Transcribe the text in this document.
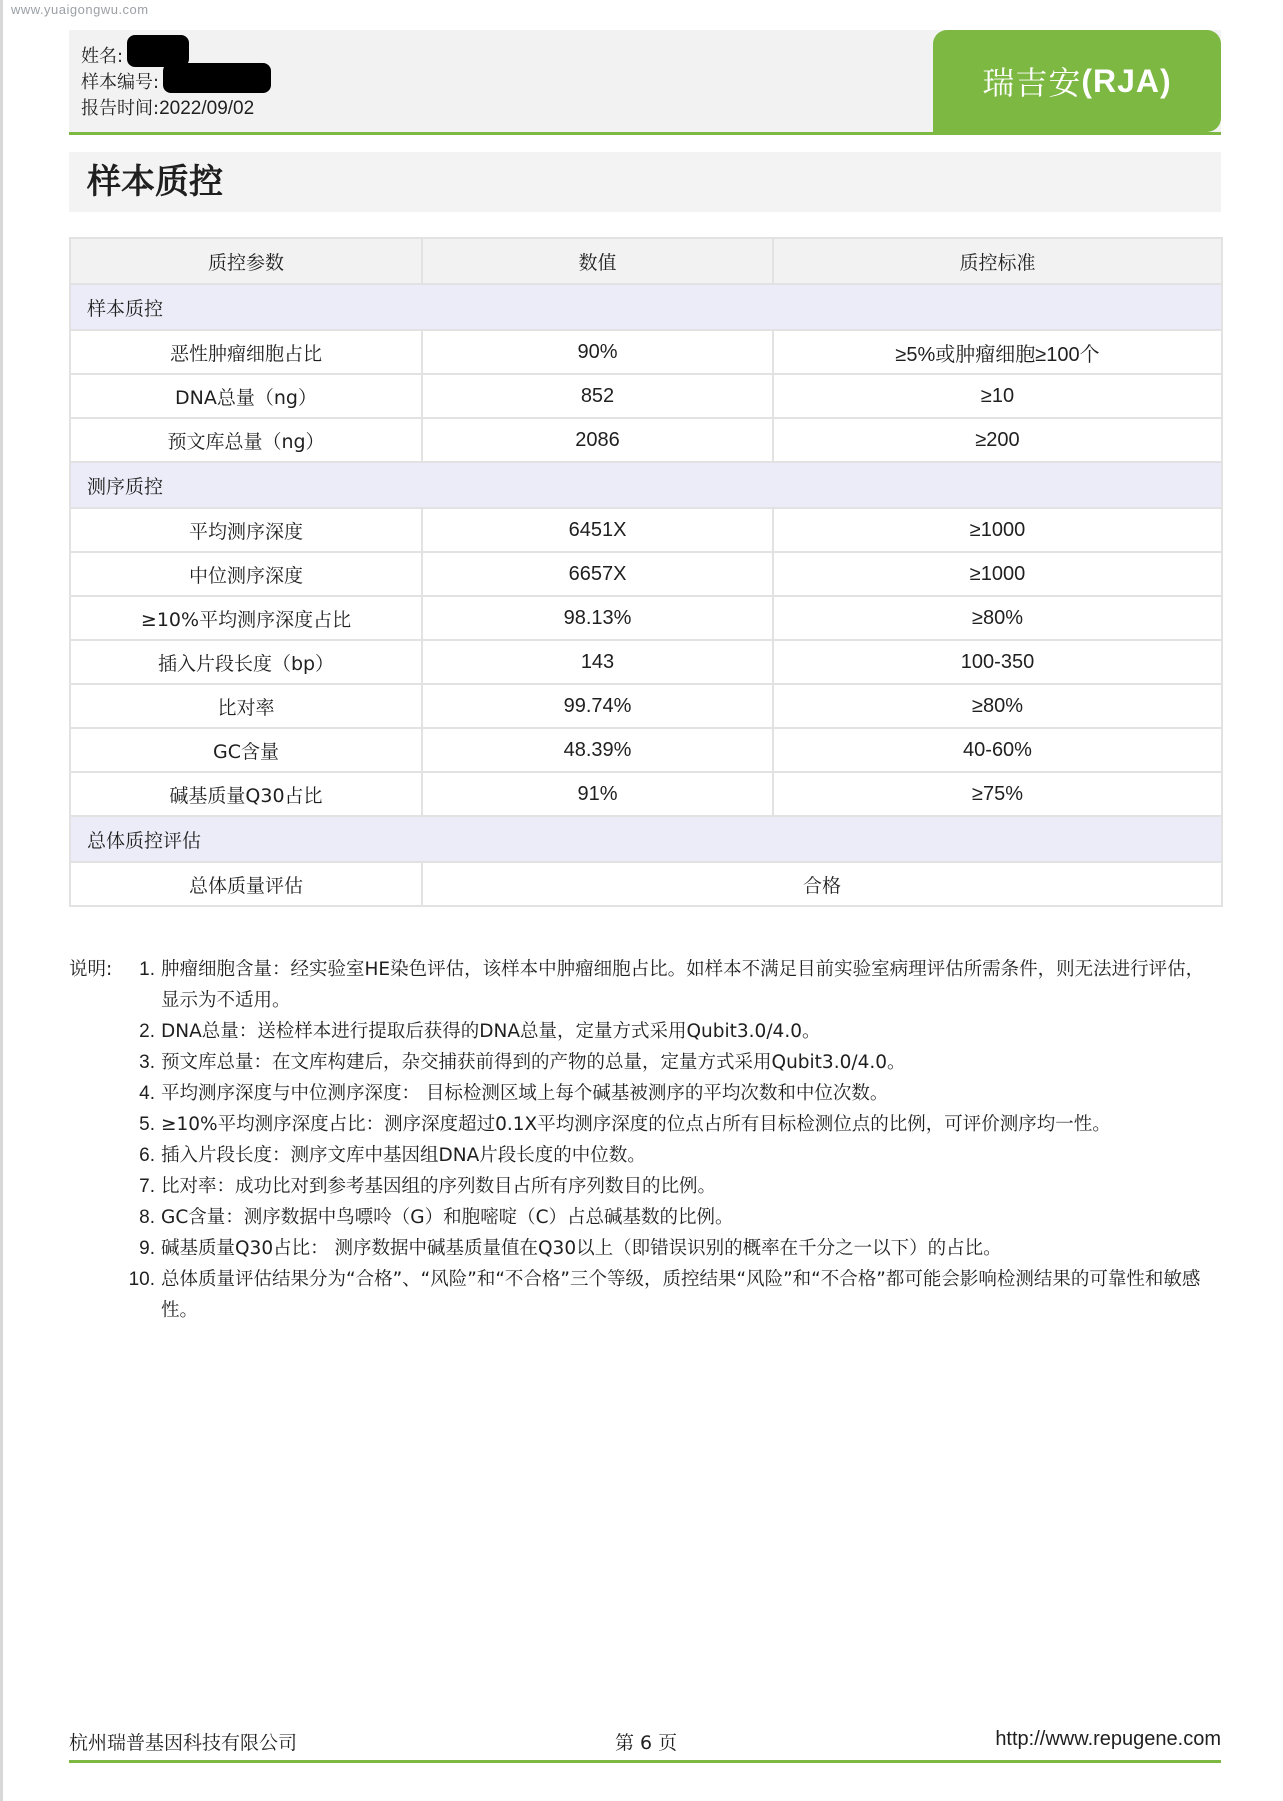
www.yuaigongwu.com
姓名:
样本编号:
报告时间: 2022/09/02
瑞吉安 (RJA)
样本质控
质控参数	数值	质控标准
样本质控		
恶性肿瘤细胞占比	90%	≥5%或肿瘤细胞≥100个
DNA总量（ng）	852	≥10
预文库总量（ng）	2086	≥200
测序质控		
平均测序深度	6451X	≥1000
中位测序深度	6657X	≥1000
≥10%平均测序深度占比	98.13%	≥80%
插入片段长度（bp）	143	100-350
比对率	99.74%	≥80%
GC含量	48.39%	40-60%
碱基质量Q30占比	91%	≥75%
总体质控评估		
总体质量评估	合格	
说明:	1. 肿瘤细胞含量：经实验室HE染色评估，该样本中肿瘤细胞占比。如样本不满足目前实验室病理评估所需条件，则无法进行评估，显示为不适用。
2. DNA总量：送检样本进行提取后获得的DNA总量，定量方式采用Qubit3.0/4.0。
3. 预文库总量：在文库构建后，杂交捕获前得到的产物的总量，定量方式采用Qubit3.0/4.0。
4. 平均测序深度与中位测序深度： 目标检测区域上每个碱基被测序的平均次数和中位次数。
5. ≥10%平均测序深度占比：测序深度超过0.1X平均测序深度的位点占所有目标检测位点的比例，可评价测序均一性。
6. 插入片段长度：测序文库中基因组DNA片段长度的中位数。
7. 比对率：成功比对到参考基因组的序列数目占所有序列数目的比例。
8. GC含量：测序数据中鸟嘌呤（G）和胞嘧啶（C）占总碱基数的比例。
9. 碱基质量Q30占比： 测序数据中碱基质量值在Q30以上（即错误识别的概率在千分之一以下）的占比。
10. 总体质量评估结果分为“合格”、“风险”和“不合格”三个等级，质控结果“风险”和“不合格”都可能会影响检测结果的可靠性和敏感性。
杭州瑞普基因科技有限公司	第 6 页	http://www.repugene.com
